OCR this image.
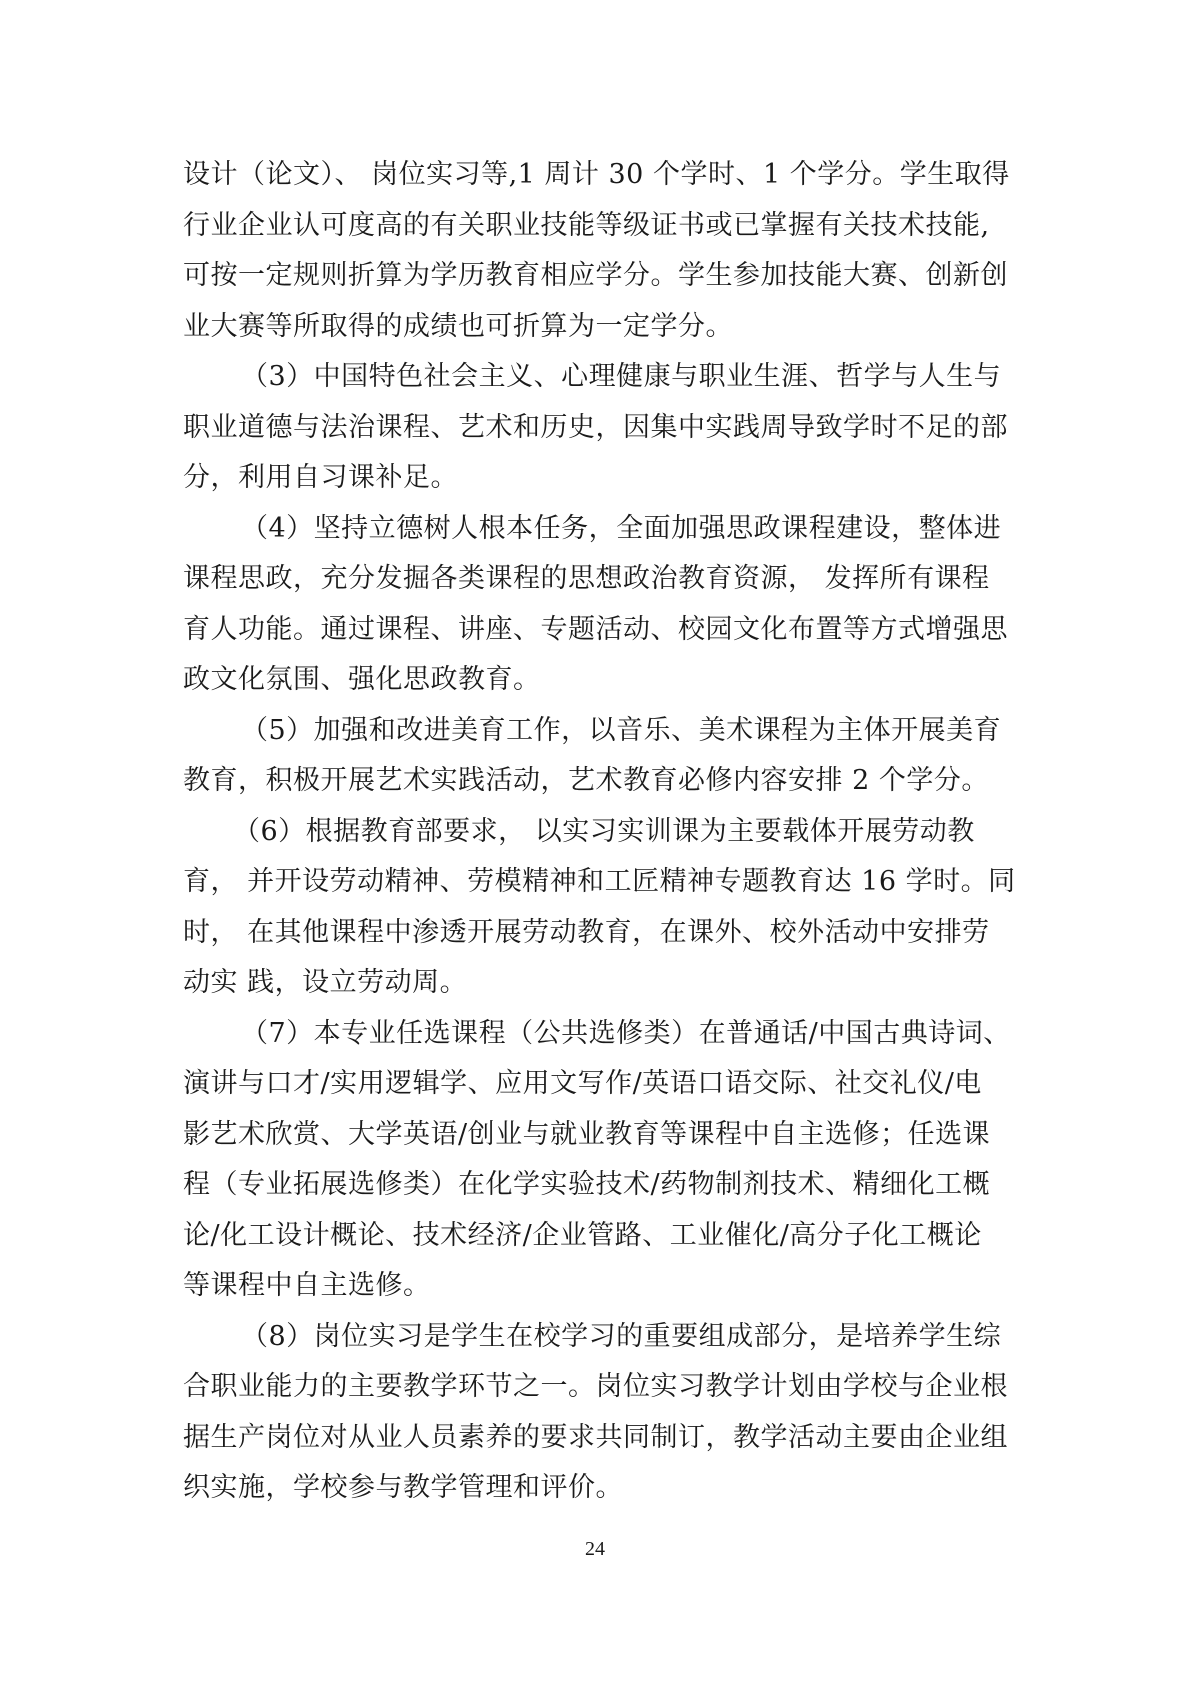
设计（论文）、 岗位实习等,1 周计 30 个学时、1 个学分。学生取得
行业企业认可度高的有关职业技能等级证书或已掌握有关技术技能,
可按一定规则折算为学历教育相应学分。学生参加技能大赛、创新创
业大赛等所取得的成绩也可折算为一定学分。
（3）中国特色社会主义、心理健康与职业生涯、哲学与人生与
职业道德与法治课程、艺术和历史，因集中实践周导致学时不足的部
分，利用自习课补足。
（4）坚持立德树人根本任务，全面加强思政课程建设，整体进
课程思政，充分发掘各类课程的思想政治教育资源， 发挥所有课程
育人功能。通过课程、讲座、专题活动、校园文化布置等方式增强思
政文化氛围、强化思政教育。
（5）加强和改进美育工作，以音乐、美术课程为主体开展美育
教育，积极开展艺术实践活动，艺术教育必修内容安排 2 个学分。
（6）根据教育部要求， 以实习实训课为主要载体开展劳动教
育， 并开设劳动精神、劳模精神和工匠精神专题教育达 16 学时。同
时， 在其他课程中渗透开展劳动教育，在课外、校外活动中安排劳
动实 践，设立劳动周。
（7）本专业任选课程（公共选修类）在普通话/中国古典诗词、
演讲与口才/实用逻辑学、应用文写作/英语口语交际、社交礼仪/电
影艺术欣赏、大学英语/创业与就业教育等课程中自主选修；任选课
程（专业拓展选修类）在化学实验技术/药物制剂技术、精细化工概
论/化工设计概论、技术经济/企业管路、工业催化/高分子化工概论
等课程中自主选修。
（8）岗位实习是学生在校学习的重要组成部分，是培养学生综
合职业能力的主要教学环节之一。岗位实习教学计划由学校与企业根
据生产岗位对从业人员素养的要求共同制订，教学活动主要由企业组
织实施，学校参与教学管理和评价。
24
